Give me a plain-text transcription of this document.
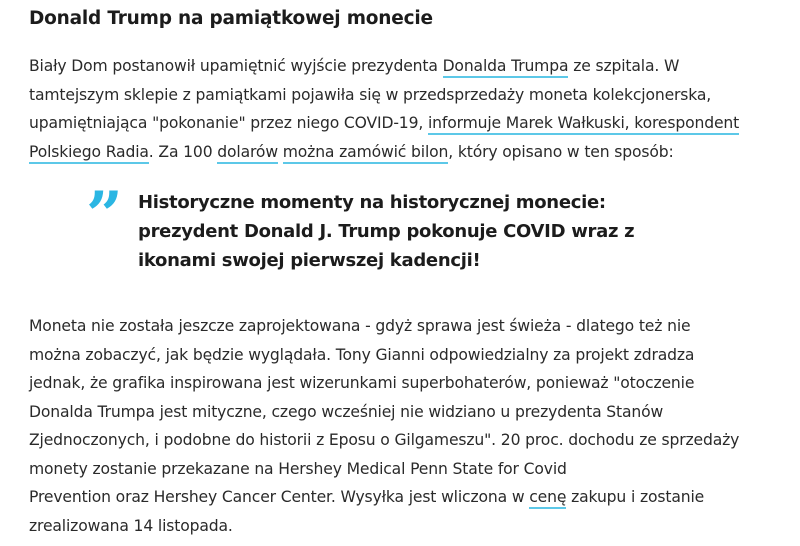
Donald Trump na pamiątkowej monecie

Biały Dom postanowił upamiętnić wyjście prezydenta Donalda Trumpa ze szpitala. W
tamtejszym sklepie z pamiątkami pojawiła się w przedsprzedaży moneta kolekcjonerska,
upamiętniająca "pokonanie" przez niego COVID-19, informuje Marek Wałkuski, korespondent
Polskiego Radia. Za 100 dolarów można zamówić bilon, który opisano w ten sposób:

” Historyczne momenty na historycznej monecie:
prezydent Donald J. Trump pokonuje COVID wraz z
ikonami swojej pierwszej kadencji!

Moneta nie została jeszcze zaprojektowana - gdyż sprawa jest świeża - dlatego też nie
można zobaczyć, jak będzie wyglądała. Tony Gianni odpowiedzialny za projekt zdradza
jednak, że grafika inspirowana jest wizerunkami superbohaterów, ponieważ "otoczenie
Donalda Trumpa jest mityczne, czego wcześniej nie widziano u prezydenta Stanów
Zjednoczonych, i podobne do historii z Eposu o Gilgameszu". 20 proc. dochodu ze sprzedaży
monety zostanie przekazane na Hershey Medical Penn State for Covid
Prevention oraz Hershey Cancer Center. Wysyłka jest wliczona w cenę zakupu i zostanie
zrealizowana 14 listopada.
